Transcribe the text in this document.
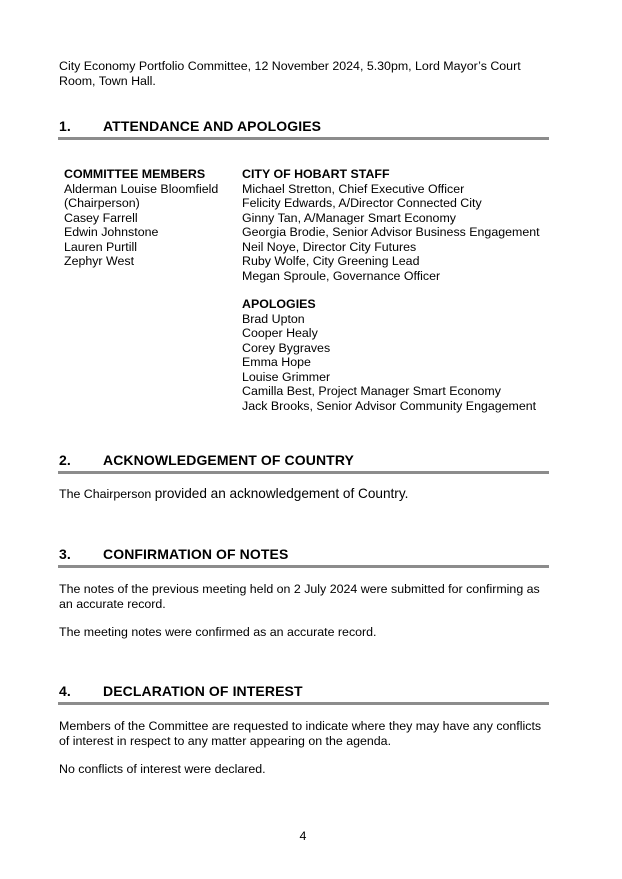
City Economy Portfolio Committee, 12 November 2024, 5.30pm, Lord Mayor’s Court Room, Town Hall.
1. ATTENDANCE AND APOLOGIES
COMMITTEE MEMBERS
Alderman Louise Bloomfield
(Chairperson)
Casey Farrell
Edwin Johnstone
Lauren Purtill
Zephyr West
CITY OF HOBART STAFF
Michael Stretton, Chief Executive Officer
Felicity Edwards, A/Director Connected City
Ginny Tan, A/Manager Smart Economy
Georgia Brodie, Senior Advisor Business Engagement
Neil Noye, Director City Futures
Ruby Wolfe, City Greening Lead
Megan Sproule, Governance Officer
APOLOGIES
Brad Upton
Cooper Healy
Corey Bygraves
Emma Hope
Louise Grimmer
Camilla Best, Project Manager Smart Economy
Jack Brooks, Senior Advisor Community Engagement
2. ACKNOWLEDGEMENT OF COUNTRY
The Chairperson provided an acknowledgement of Country.
3. CONFIRMATION OF NOTES
The notes of the previous meeting held on 2 July 2024 were submitted for confirming as an accurate record.
The meeting notes were confirmed as an accurate record.
4. DECLARATION OF INTEREST
Members of the Committee are requested to indicate where they may have any conflicts of interest in respect to any matter appearing on the agenda.
No conflicts of interest were declared.
4
